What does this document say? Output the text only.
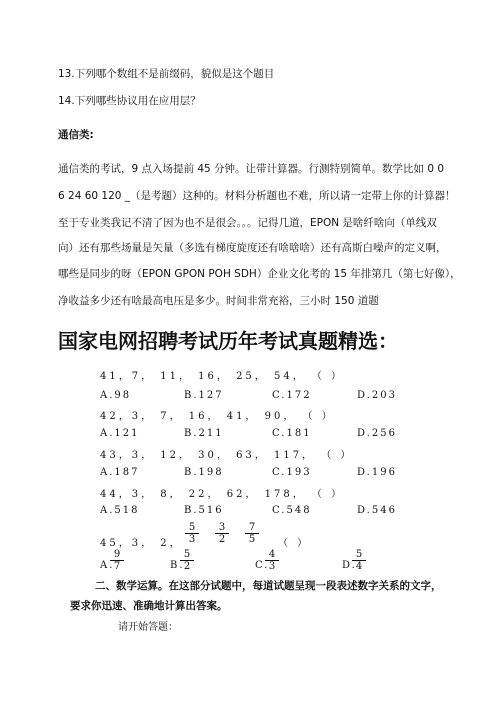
13.下列哪个数组不是前缀码，貌似是这个题目
14.下列哪些协议用在应用层？
通信类:
通信类的考试，9 点入场提前 45 分钟。让带计算器。行测特别简单。数学比如 0 0
6 24 60 120 _（是考题）这种的。材料分析题也不难，所以请一定带上你的计算器！
至于专业类我记不清了因为也不是很会。。。记得几道，EPON 是啥纤啥向（单线双
向）还有那些场量是矢量（多选有梯度旋度还有啥啥啥）还有高斯白噪声的定义啊，
哪些是同步的呀（EPON GPON POH SDH）企业文化考的 15 年排第几（第七好像），
净收益多少还有啥最高电压是多少。时间非常充裕，三小时 150 道题
国家电网招聘考试历年考试真题精选：
41，7， 11， 16， 25， 54， （ ）
A.98	B.127	C.172	D.203
42，3， 7， 16， 41， 90， （ ）
A.121	B.211	C.181	D.256
43，3， 12， 30， 63， 117， （ ）
A.187	B.198	C.193	D.196
44，3， 8， 22， 62， 178， （ ）
A.518	B.516	C.548	D.546
45，3， 2， $\frac{5}{3} \frac{3}{2} \frac{7}{5}$ （ ）
A.
$\frac{9}{7}$	B.
$\frac{5}{2}$	C.
$\frac{4}{3}$	D.
$\frac{5}{4}$
二、数学运算。在这部分试题中，每道试题呈现一段表述数字关系的文字，
要求你迅速、准确地计算出答案。
请开始答题：
